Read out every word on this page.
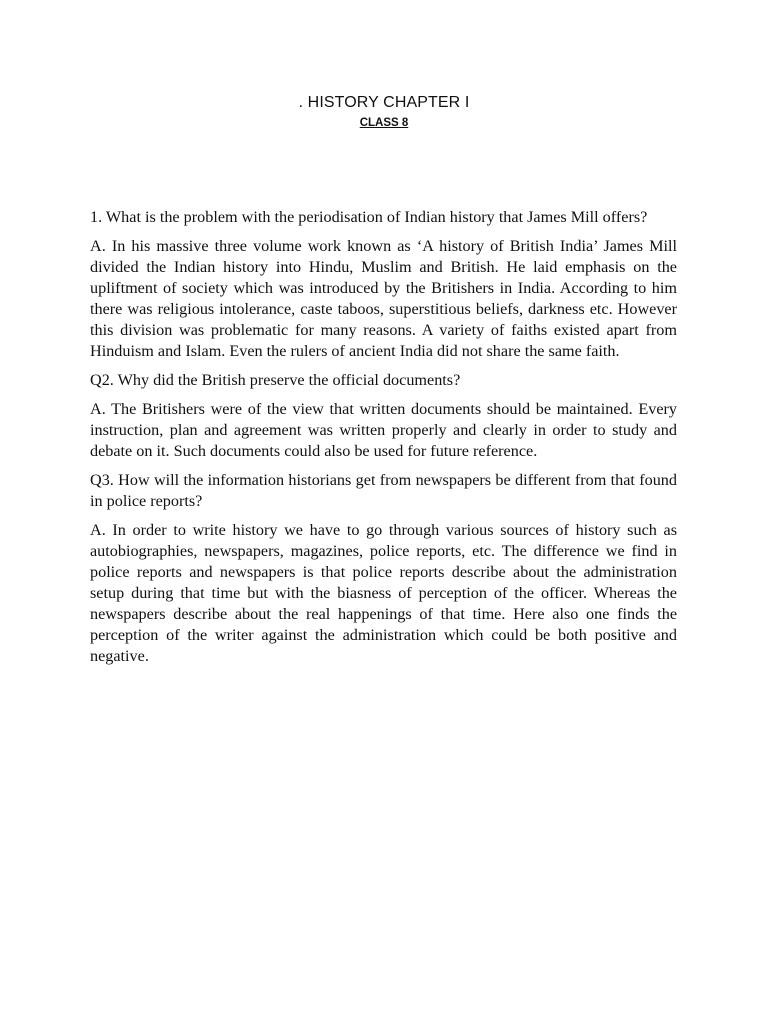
. HISTORY CHAPTER I
CLASS 8

1. What is the problem with the periodisation of Indian history that James Mill offers?

A. In his massive three volume work known as ‘A history of British India’ James Mill divided the Indian history into Hindu, Muslim and British. He laid emphasis on the upliftment of society which was introduced by the Britishers in India. According to him there was religious intolerance, caste taboos, superstitious beliefs, darkness etc. However this division was problematic for many reasons. A variety of faiths existed apart from Hinduism and Islam. Even the rulers of ancient India did not share the same faith.

Q2. Why did the British preserve the official documents?

A. The Britishers were of the view that written documents should be maintained. Every instruction, plan and agreement was written properly and clearly in order to study and debate on it. Such documents could also be used for future reference.

Q3. How will the information historians get from newspapers be different from that found in police reports?

A. In order to write history we have to go through various sources of history such as autobiographies, newspapers, magazines, police reports, etc. The difference we find in police reports and newspapers is that police reports describe about the administration setup during that time but with the biasness of perception of the officer. Whereas the newspapers describe about the real happenings of that time. Here also one finds the perception of the writer against the administration which could be both positive and negative.
